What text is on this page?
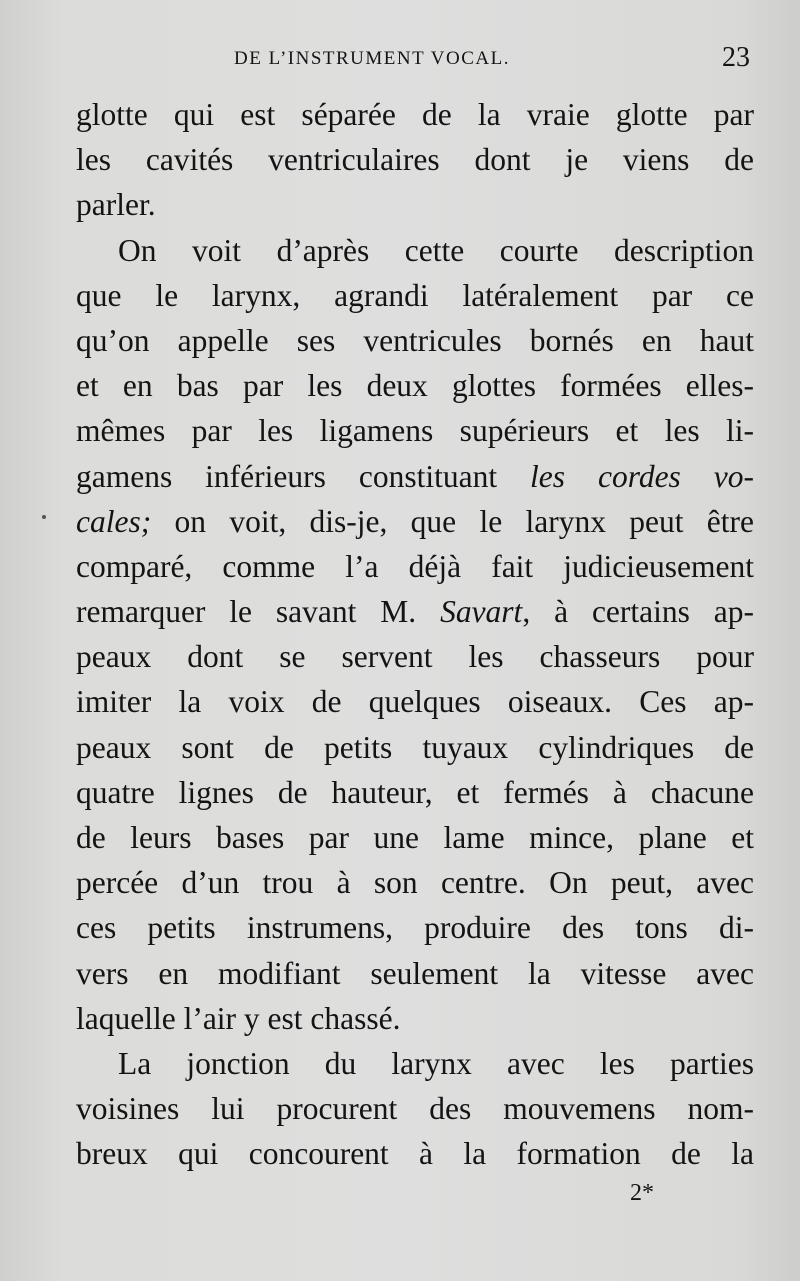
DE L’INSTRUMENT VOCAL.	23
glotte qui est séparée de la vraie glotte par
les cavités ventriculaires dont je viens de
parler.
On voit d’après cette courte description
que le larynx, agrandi latéralement par ce
qu’on appelle ses ventricules bornés en haut
et en bas par les deux glottes formées elles-
mêmes par les ligamens supérieurs et les li-
gamens inférieurs constituant les cordes vo-
cales; on voit, dis-je, que le larynx peut être
comparé, comme l’a déjà fait judicieusement
remarquer le savant M. Savart, à certains ap-
peaux dont se servent les chasseurs pour
imiter la voix de quelques oiseaux. Ces ap-
peaux sont de petits tuyaux cylindriques de
quatre lignes de hauteur, et fermés à chacune
de leurs bases par une lame mince, plane et
percée d’un trou à son centre. On peut, avec
ces petits instrumens, produire des tons di-
vers en modifiant seulement la vitesse avec
laquelle l’air y est chassé.
La jonction du larynx avec les parties
voisines lui procurent des mouvemens nom-
breux qui concourent à la formation de la
2*
